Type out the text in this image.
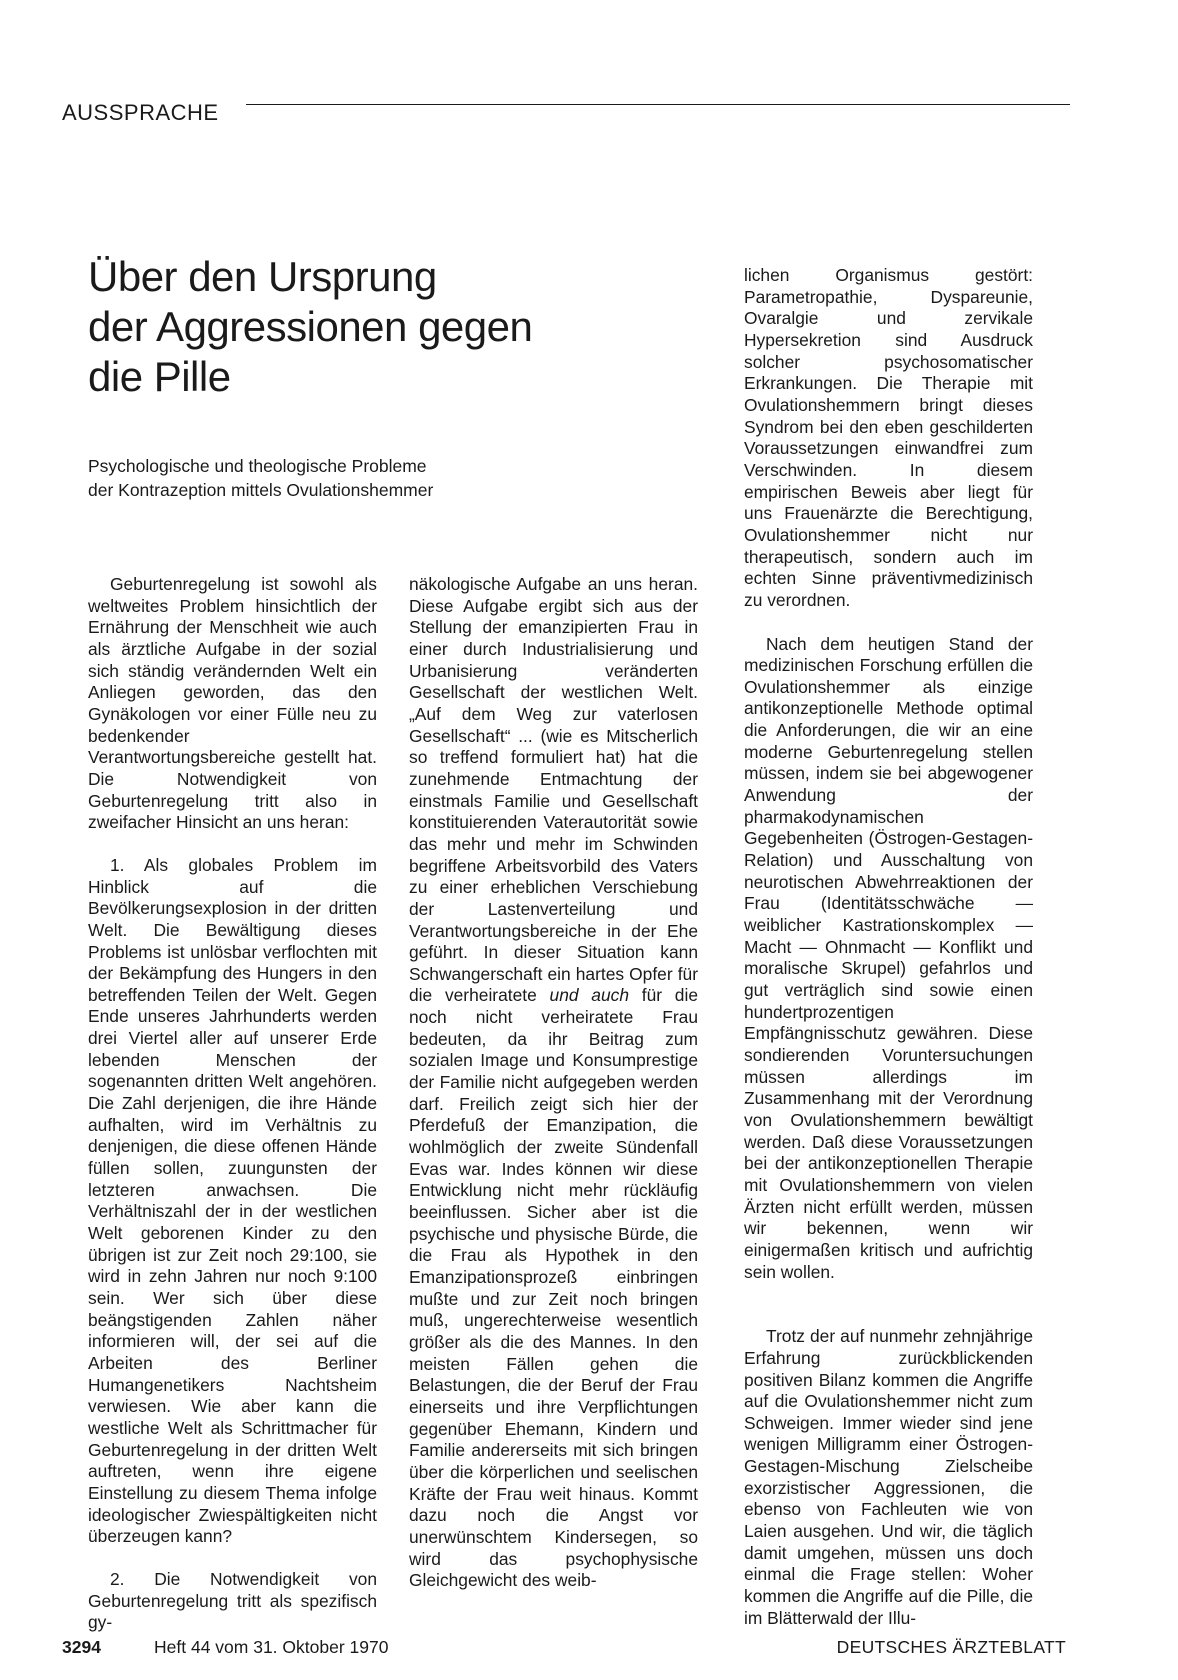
AUSSPRACHE
Über den Ursprung
der Aggressionen gegen
die Pille
Psychologische und theologische Probleme
der Kontrazeption mittels Ovulationshemmer

Geburtenregelung ist sowohl als weltweites Problem hinsichtlich der Ernährung der Menschheit wie auch als ärztliche Aufgabe in der sozial sich ständig verändernden Welt ein Anliegen geworden, das den Gynäkologen vor einer Fülle neu zu bedenkender Verantwortungsbereiche gestellt hat. Die Notwendigkeit von Geburtenregelung tritt also in zweifacher Hinsicht an uns heran:

1. Als globales Problem im Hinblick auf die Bevölkerungsexplosion in der dritten Welt. Die Bewältigung dieses Problems ist unlösbar verflochten mit der Bekämpfung des Hungers in den betreffenden Teilen der Welt. Gegen Ende unseres Jahrhunderts werden drei Viertel aller auf unserer Erde lebenden Menschen der sogenannten dritten Welt angehören. Die Zahl derjenigen, die ihre Hände aufhalten, wird im Verhältnis zu denjenigen, die diese offenen Hände füllen sollen, zuungunsten der letzteren anwachsen. Die Verhältniszahl der in der westlichen Welt geborenen Kinder zu den übrigen ist zur Zeit noch 29:100, sie wird in zehn Jahren nur noch 9:100 sein. Wer sich über diese beängstigenden Zahlen näher informieren will, der sei auf die Arbeiten des Berliner Humangenetikers Nachtsheim verwiesen. Wie aber kann die westliche Welt als Schrittmacher für Geburtenregelung in der dritten Welt auftreten, wenn ihre eigene Einstellung zu diesem Thema infolge ideologischer Zwiespältigkeiten nicht überzeugen kann?

2. Die Notwendigkeit von Geburtenregelung tritt als spezifisch gy-

näkologische Aufgabe an uns heran. Diese Aufgabe ergibt sich aus der Stellung der emanzipierten Frau in einer durch Industrialisierung und Urbanisierung veränderten Gesellschaft der westlichen Welt. „Auf dem Weg zur vaterlosen Gesellschaft“ ... (wie es Mitscherlich so treffend formuliert hat) hat die zunehmende Entmachtung der einstmals Familie und Gesellschaft konstituierenden Vaterautorität sowie das mehr und mehr im Schwinden begriffene Arbeitsvorbild des Vaters zu einer erheblichen Verschiebung der Lastenverteilung und Verantwortungsbereiche in der Ehe geführt. In dieser Situation kann Schwangerschaft ein hartes Opfer für die verheiratete und auch für die noch nicht verheiratete Frau bedeuten, da ihr Beitrag zum sozialen Image und Konsumprestige der Familie nicht aufgegeben werden darf. Freilich zeigt sich hier der Pferdefuß der Emanzipation, die wohlmöglich der zweite Sündenfall Evas war. Indes können wir diese Entwicklung nicht mehr rückläufig beeinflussen. Sicher aber ist die psychische und physische Bürde, die die Frau als Hypothek in den Emanzipationsprozeß einbringen mußte und zur Zeit noch bringen muß, ungerechterweise wesentlich größer als die des Mannes. In den meisten Fällen gehen die Belastungen, die der Beruf der Frau einerseits und ihre Verpflichtungen gegenüber Ehemann, Kindern und Familie andererseits mit sich bringen über die körperlichen und seelischen Kräfte der Frau weit hinaus. Kommt dazu noch die Angst vor unerwünschtem Kindersegen, so wird das psychophysische Gleichgewicht des weib-

lichen Organismus gestört: Parametropathie, Dyspareunie, Ovaralgie und zervikale Hypersekretion sind Ausdruck solcher psychosomatischer Erkrankungen. Die Therapie mit Ovulationshemmern bringt dieses Syndrom bei den eben geschilderten Voraussetzungen einwandfrei zum Verschwinden. In diesem empirischen Beweis aber liegt für uns Frauenärzte die Berechtigung, Ovulationshemmer nicht nur therapeutisch, sondern auch im echten Sinne präventivmedizinisch zu verordnen.

Nach dem heutigen Stand der medizinischen Forschung erfüllen die Ovulationshemmer als einzige antikonzeptionelle Methode optimal die Anforderungen, die wir an eine moderne Geburtenregelung stellen müssen, indem sie bei abgewogener Anwendung der pharmakodynamischen Gegebenheiten (Östrogen-Gestagen-Relation) und Ausschaltung von neurotischen Abwehrreaktionen der Frau (Identitätsschwäche — weiblicher Kastrationskomplex — Macht — Ohnmacht — Konflikt und moralische Skrupel) gefahrlos und gut verträglich sind sowie einen hundertprozentigen Empfängnisschutz gewähren. Diese sondierenden Voruntersuchungen müssen allerdings im Zusammenhang mit der Verordnung von Ovulationshemmern bewältigt werden. Daß diese Voraussetzungen bei der antikonzeptionellen Therapie mit Ovulationshemmern von vielen Ärzten nicht erfüllt werden, müssen wir bekennen, wenn wir einigermaßen kritisch und aufrichtig sein wollen.

Trotz der auf nunmehr zehnjährige Erfahrung zurückblickenden positiven Bilanz kommen die Angriffe auf die Ovulationshemmer nicht zum Schweigen. Immer wieder sind jene wenigen Milligramm einer Östrogen-Gestagen-Mischung Zielscheibe exorzistischer Aggressionen, die ebenso von Fachleuten wie von Laien ausgehen. Und wir, die täglich damit umgehen, müssen uns doch einmal die Frage stellen: Woher kommen die Angriffe auf die Pille, die im Blätterwald der Illu-

3294	Heft 44 vom 31. Oktober 1970	DEUTSCHES ÄRZTEBLATT
